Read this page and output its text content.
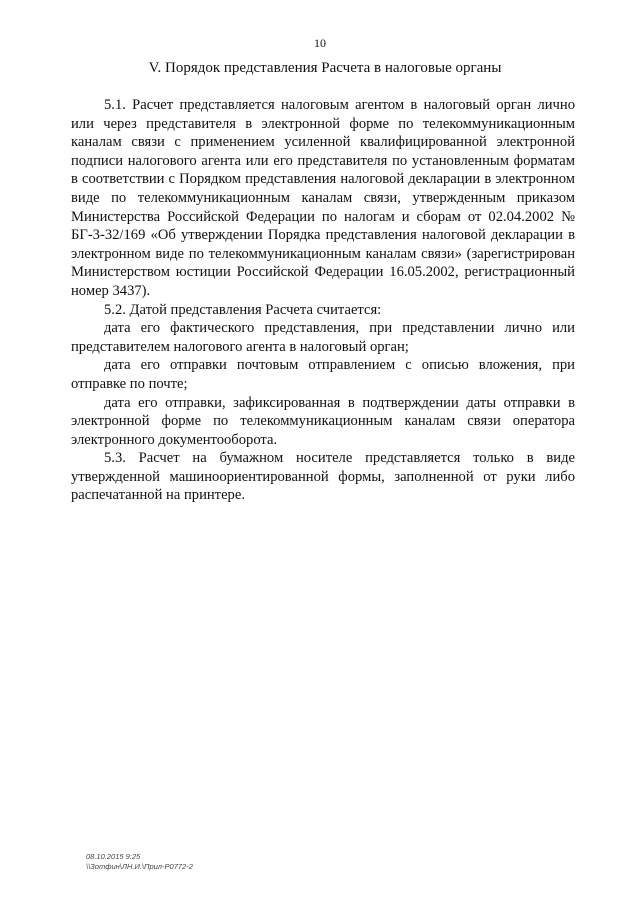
10
V. Порядок представления Расчета в налоговые органы

5.1. Расчет представляется налоговым агентом в налоговый орган лично или через представителя в электронной форме по телекоммуникационным каналам связи с применением усиленной квалифицированной электронной подписи налогового агента или его представителя по установленным форматам в соответствии с Порядком представления налоговой декларации в электронном виде по телекоммуникационным каналам связи, утвержденным приказом Министерства Российской Федерации по налогам и сборам от 02.04.2002 № БГ-3-32/169 «Об утверждении Порядка представления налоговой декларации в электронном виде по телекоммуникационным каналам связи» (зарегистрирован Министерством юстиции Российской Федерации 16.05.2002, регистрационный номер 3437).

5.2. Датой представления Расчета считается:

дата его фактического представления, при представлении лично или представителем налогового агента в налоговый орган;

дата его отправки почтовым отправлением с описью вложения, при отправке по почте;

дата его отправки, зафиксированная в подтверждении даты отправки в электронной форме по телекоммуникационным каналам связи оператора электронного документооборота.

5.3. Расчет на бумажном носителе представляется только в виде утвержденной машиноориентированной формы, заполненной от руки либо распечатанной на принтере.

08.10.2015 9:25
\\Зотфин\ЛН.И.\Прил-Р0772-2
